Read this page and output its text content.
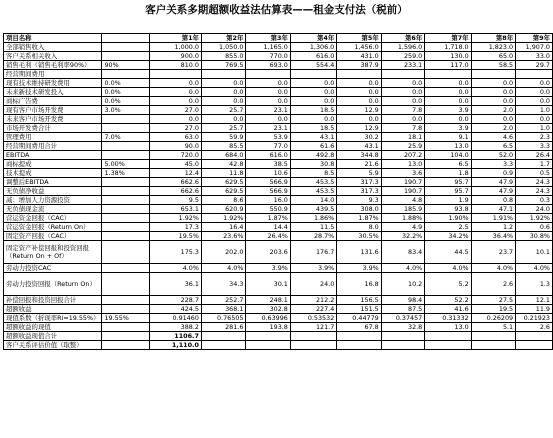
客户关系多期超额收益法估算表——租金支付法（税前）
项目名称		第1年	第2年	第3年	第4年	第5年	第6年	第7年	第8年	第9年
全部销售收入		1,000.0	1,050.0	1,165.0	1,306.0	1,456.0	1,596.0	1,718.0	1,823.0	1,907.0
客户关系相关收入		900.0	855.0	770.0	616.0	431.0	259.0	130.0	65.0	33.0
销售毛利（销售毛利率90%）	90%	810.0	769.5	693.0	554.4	387.9	233.1	117.0	58.5	29.7
经营期间费用										
现有技术维持研发费用	0.0%	0.0	0.0	0.0	0.0	0.0	0.0	0.0	0.0	0.0
未来新技术研发投入	0.0%	0.0	0.0	0.0	0.0	0.0	0.0	0.0	0.0	0.0
商标广告费	0.0%	0.0	0.0	0.0	0.0	0.0	0.0	0.0	0.0	0.0
现有客户市场开发费	3.0%	27.0	25.7	23.1	18.5	12.9	7.8	3.9	2.0	1.0
未来客户市场开发费		0.0	0.0	0.0	0.0	0.0	0.0	0.0	0.0	0.0
市场开发费合计		27.0	25.7	23.1	18.5	12.9	7.8	3.9	2.0	1.0
管理费用	7.0%	63.0	59.9	53.9	43.1	30.2	18.1	9.1	4.6	2.3
经营期间费用合计		90.0	85.5	77.0	61.6	43.1	25.9	13.0	6.5	3.3
EBITDA		720.0	684.0	616.0	492.8	344.8	207.2	104.0	52.0	26.4
商标提成	5.00%	45.0	42.8	38.5	30.8	21.6	13.0	6.5	3.3	1.7
技术提成	1.38%	12.4	11.8	10.6	8.5	5.9	3.6	1.8	0.9	0.5
调整后EBITDA		662.6	629.5	566.9	453.5	317.3	190.7	95.7	47.9	24.3
无负债净收益		662.6	629.5	566.9	453.5	317.3	190.7	95.7	47.9	24.3
减：增加人力资源投资		9.5	8.6	16.0	14.0	9.3	4.8	1.9	0.8	0.3
无负债现金流		653.1	620.9	550.9	439.5	308.0	185.9	93.8	47.1	24.0
营运资金回报（CAC）		1.92%	1.92%	1.87%	1.86%	1.87%	1.88%	1.90%	1.91%	1.92%
营运资金回报（Return On）		17.3	16.4	14.4	11.5	8.0	4.9	2.5	1.2	0.6
固定资产回报（CAC）		19.5%	23.6%	26.4%	28.7%	30.5%	32.2%	34.2%	36.4%	30.8%
固定资产补偿回报和投资回报（Return On + Of）		175.3	202.0	203.6	176.7	131.6	83.4	44.5	23.7	10.1
劳动力投资CAC		4.0%	4.0%	3.9%	3.9%	3.9%	4.0%	4.0%	4.0%	4.0%
劳动力投资回报（Return On）		36.1	34.3	30.1	24.0	16.8	10.2	5.2	2.6	1.3
补偿回报和投资回报合计		228.7	252.7	248.1	212.2	156.5	98.4	52.2	27.5	12.1
超额收益		424.5	368.1	302.8	227.4	151.5	87.5	41.6	19.5	11.9
现值系数（折现率Ri=19.55%）	19.55%	0.91460	0.76505	0.63996	0.53532	0.44779	0.37457	0.31332	0.26209	0.21923
超额收益的现值		388.2	281.6	193.8	121.7	67.8	32.8	13.0	5.1	2.6
超额收益现值合计		1106.7								
客户关系评估价值（取整）		1,110.0								
